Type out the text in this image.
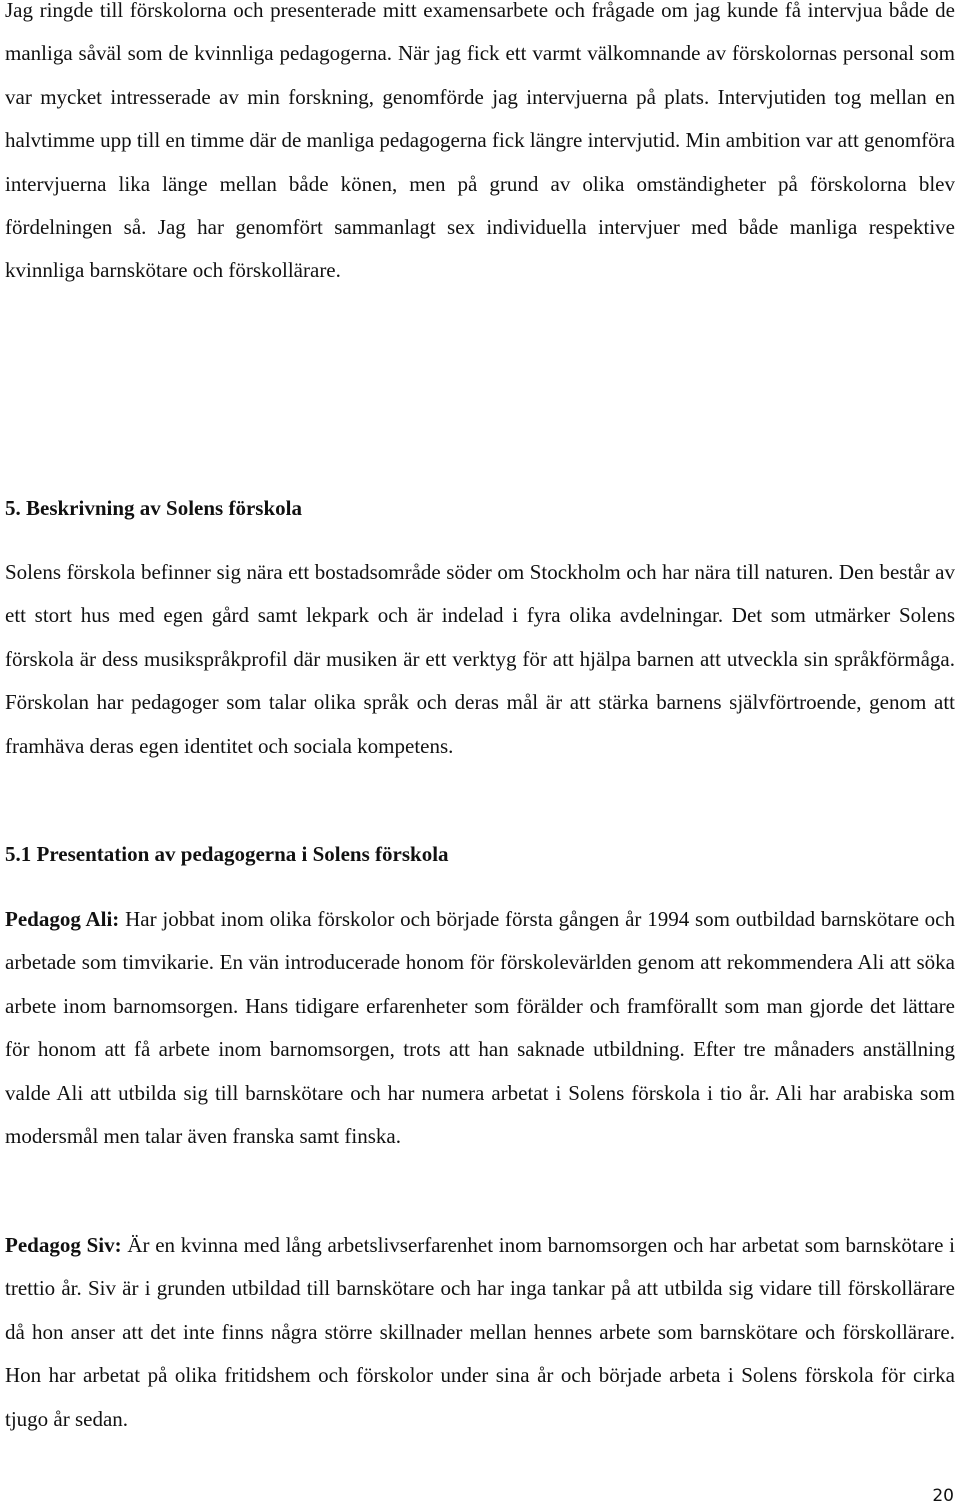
Jag ringde till förskolorna och presenterade mitt examensarbete och frågade om jag kunde få intervjua både de manliga såväl som de kvinnliga pedagogerna. När jag fick ett varmt välkomnande av förskolornas personal som var mycket intresserade av min forskning, genomförde jag intervjuerna på plats. Intervjutiden tog mellan en halvtimme upp till en timme där de manliga pedagogerna fick längre intervjutid. Min ambition var att genomföra intervjuerna lika länge mellan både könen, men på grund av olika omständigheter på förskolorna blev fördelningen så. Jag har genomfört sammanlagt sex individuella intervjuer med både manliga respektive kvinnliga barnskötare och förskollärare.

5. Beskrivning av Solens förskola

Solens förskola befinner sig nära ett bostadsområde söder om Stockholm och har nära till naturen. Den består av ett stort hus med egen gård samt lekpark och är indelad i fyra olika avdelningar. Det som utmärker Solens förskola är dess musikspråkprofil där musiken är ett verktyg för att hjälpa barnen att utveckla sin språkförmåga. Förskolan har pedagoger som talar olika språk och deras mål är att stärka barnens självförtroende, genom att framhäva deras egen identitet och sociala kompetens.

5.1 Presentation av pedagogerna i Solens förskola

Pedagog Ali: Har jobbat inom olika förskolor och började första gången år 1994 som outbildad barnskötare och arbetade som timvikarie. En vän introducerade honom för förskolevärlden genom att rekommendera Ali att söka arbete inom barnomsorgen. Hans tidigare erfarenheter som förälder och framförallt som man gjorde det lättare för honom att få arbete inom barnomsorgen, trots att han saknade utbildning. Efter tre månaders anställning valde Ali att utbilda sig till barnskötare och har numera arbetat i Solens förskola i tio år. Ali har arabiska som modersmål men talar även franska samt finska.

Pedagog Siv: Är en kvinna med lång arbetslivserfarenhet inom barnomsorgen och har arbetat som barnskötare i trettio år. Siv är i grunden utbildad till barnskötare och har inga tankar på att utbilda sig vidare till förskollärare då hon anser att det inte finns några större skillnader mellan hennes arbete som barnskötare och förskollärare. Hon har arbetat på olika fritidshem och förskolor under sina år och började arbeta i Solens förskola för cirka tjugo år sedan.

20
